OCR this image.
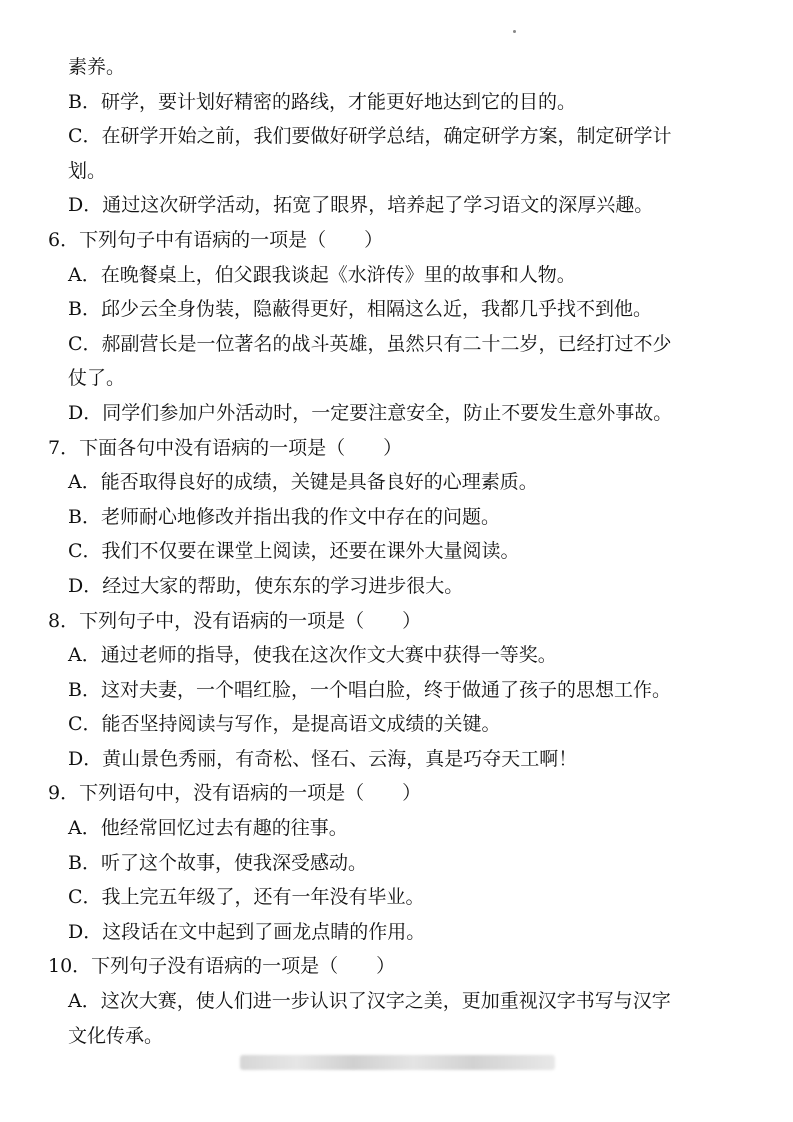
素养。
B．研学，要计划好精密的路线，才能更好地达到它的目的。
C．在研学开始之前，我们要做好研学总结，确定研学方案，制定研学计
划。
D．通过这次研学活动，拓宽了眼界，培养起了学习语文的深厚兴趣。
6．下列句子中有语病的一项是（　　）
A．在晚餐桌上，伯父跟我谈起《水浒传》里的故事和人物。
B．邱少云全身伪装，隐蔽得更好，相隔这么近，我都几乎找不到他。
C．郝副营长是一位著名的战斗英雄，虽然只有二十二岁，已经打过不少
仗了。
D．同学们参加户外活动时，一定要注意安全，防止不要发生意外事故。
7．下面各句中没有语病的一项是（　　）
A．能否取得良好的成绩，关键是具备良好的心理素质。
B．老师耐心地修改并指出我的作文中存在的问题。
C．我们不仅要在课堂上阅读，还要在课外大量阅读。
D．经过大家的帮助，使东东的学习进步很大。
8．下列句子中，没有语病的一项是（　　）
A．通过老师的指导，使我在这次作文大赛中获得一等奖。
B．这对夫妻，一个唱红脸，一个唱白脸，终于做通了孩子的思想工作。
C．能否坚持阅读与写作，是提高语文成绩的关键。
D．黄山景色秀丽，有奇松、怪石、云海，真是巧夺天工啊！
9．下列语句中，没有语病的一项是（　　）
A．他经常回忆过去有趣的往事。
B．听了这个故事，使我深受感动。
C．我上完五年级了，还有一年没有毕业。
D．这段话在文中起到了画龙点睛的作用。
10．下列句子没有语病的一项是（　　）
A．这次大赛，使人们进一步认识了汉字之美，更加重视汉字书写与汉字
文化传承。
